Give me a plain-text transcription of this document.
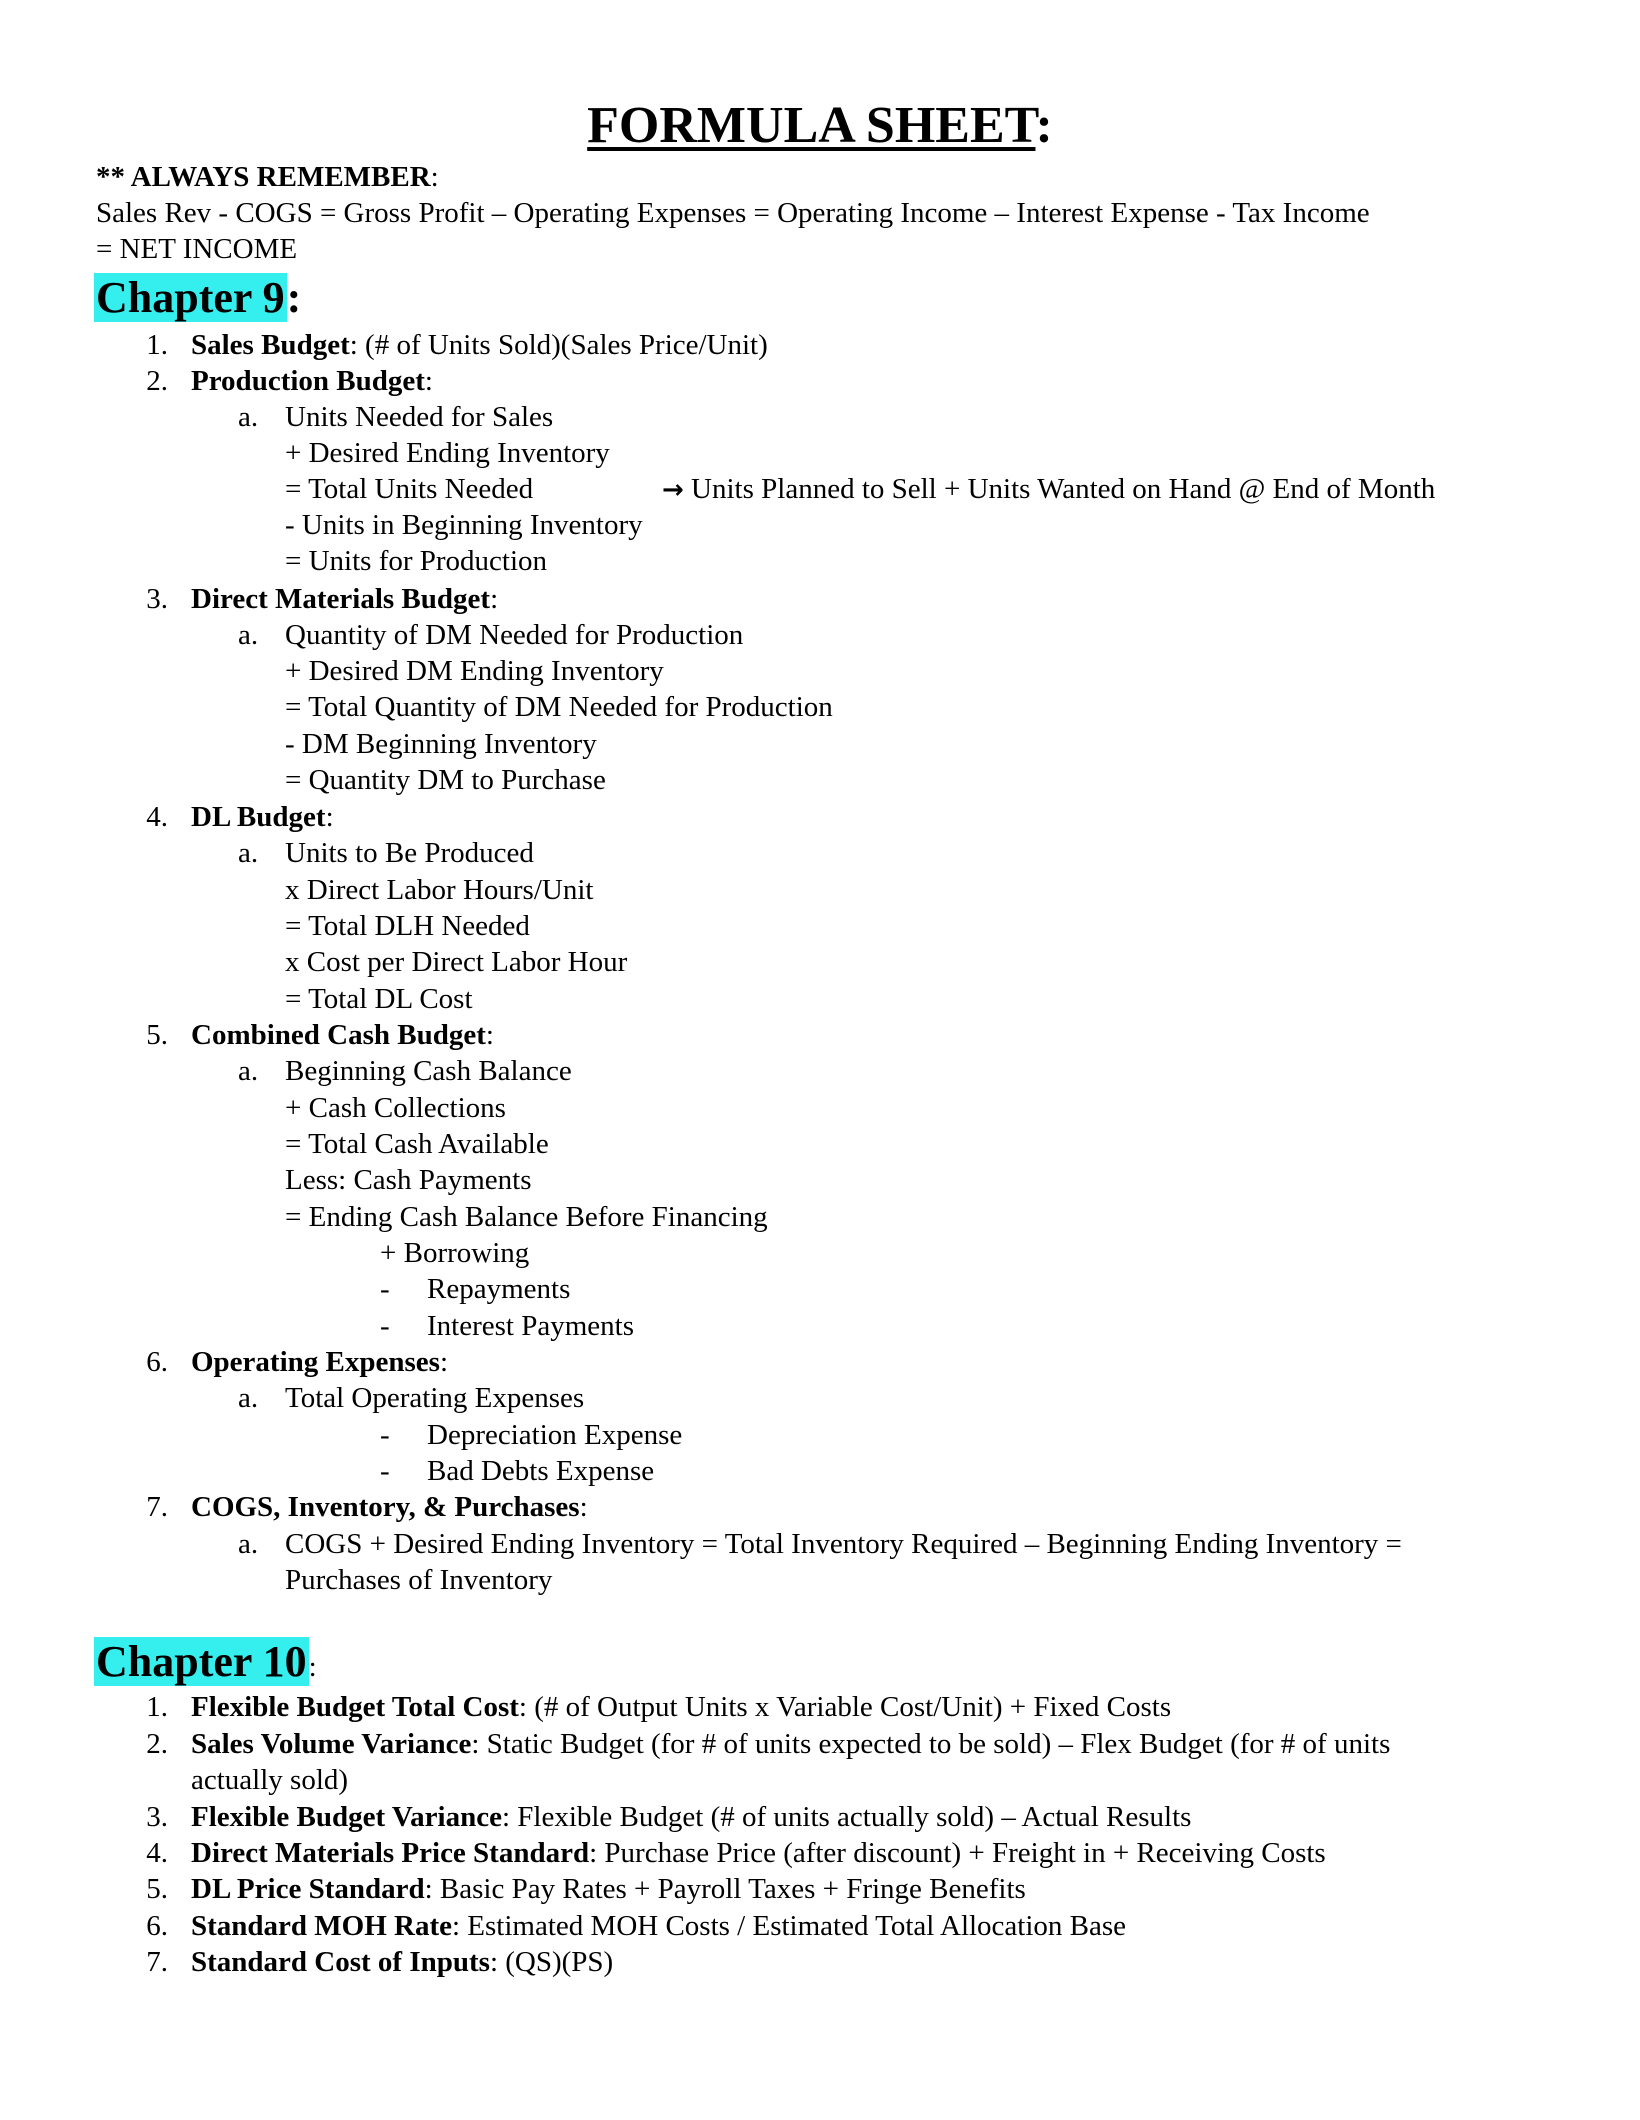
FORMULA SHEET:
** ALWAYS REMEMBER:
Sales Rev - COGS = Gross Profit – Operating Expenses = Operating Income – Interest Expense - Tax Income
= NET INCOME
Chapter 9:
1. Sales Budget: (# of Units Sold)(Sales Price/Unit)
2. Production Budget:
a. Units Needed for Sales
+ Desired Ending Inventory
= Total Units Needed	→ Units Planned to Sell + Units Wanted on Hand @ End of Month
- Units in Beginning Inventory
= Units for Production
3. Direct Materials Budget:
a. Quantity of DM Needed for Production
+ Desired DM Ending Inventory
= Total Quantity of DM Needed for Production
- DM Beginning Inventory
= Quantity DM to Purchase
4. DL Budget:
a. Units to Be Produced
x Direct Labor Hours/Unit
= Total DLH Needed
x Cost per Direct Labor Hour
= Total DL Cost
5. Combined Cash Budget:
a. Beginning Cash Balance
+ Cash Collections
= Total Cash Available
Less: Cash Payments
= Ending Cash Balance Before Financing
+ Borrowing
- Repayments
- Interest Payments
6. Operating Expenses:
a. Total Operating Expenses
- Depreciation Expense
- Bad Debts Expense
7. COGS, Inventory, & Purchases:
a. COGS + Desired Ending Inventory = Total Inventory Required – Beginning Ending Inventory =
Purchases of Inventory
Chapter 10:
1. Flexible Budget Total Cost: (# of Output Units x Variable Cost/Unit) + Fixed Costs
2. Sales Volume Variance: Static Budget (for # of units expected to be sold) – Flex Budget (for # of units
actually sold)
3. Flexible Budget Variance: Flexible Budget (# of units actually sold) – Actual Results
4. Direct Materials Price Standard: Purchase Price (after discount) + Freight in + Receiving Costs
5. DL Price Standard: Basic Pay Rates + Payroll Taxes + Fringe Benefits
6. Standard MOH Rate: Estimated MOH Costs / Estimated Total Allocation Base
7. Standard Cost of Inputs: (QS)(PS)
